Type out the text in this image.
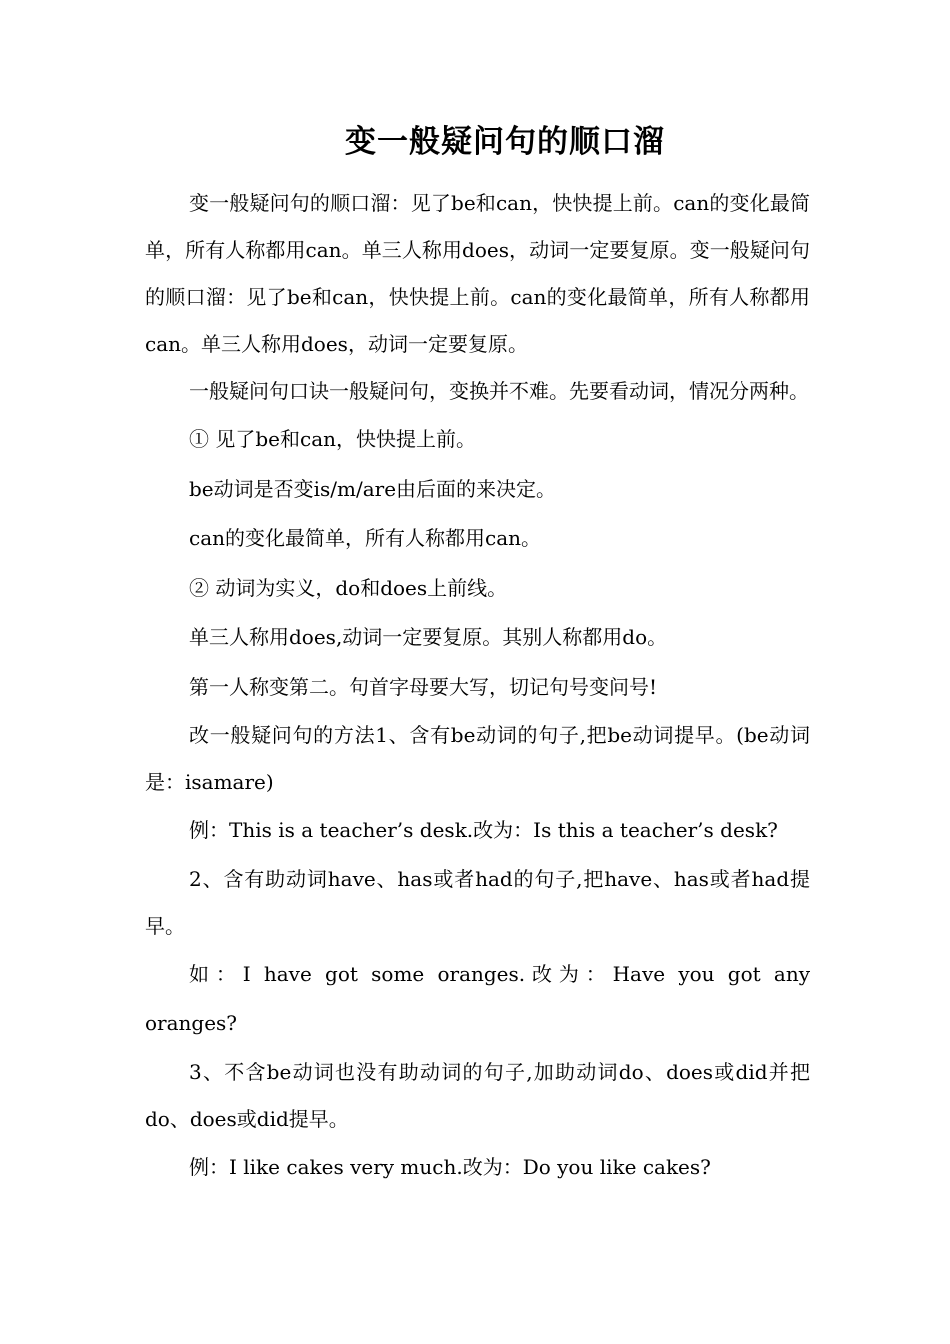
变一般疑问句的顺口溜

变一般疑问句的顺口溜：见了be和can，快快提上前。can的变化最简单，所有人称都用can。单三人称用does，动词一定要复原。变一般疑问句的顺口溜：见了be和can，快快提上前。can的变化最简单，所有人称都用can。单三人称用does，动词一定要复原。

一般疑问句口诀一般疑问句，变换并不难。先要看动词，情况分两种。

① 见了be和can，快快提上前。

be动词是否变is/m/are由后面的来决定。

can的变化最简单，所有人称都用can。

② 动词为实义，do和does上前线。

单三人称用does,动词一定要复原。其别人称都用do。

第一人称变第二。句首字母要大写，切记句号变问号!

改一般疑问句的方法1、含有be动词的句子,把be动词提早。(be动词是：isamare)

例：This is a teacher’s desk.改为：Is this a teacher’s desk?

2、含有助动词have、has或者had的句子,把have、has或者had提早。

如：I have got some oranges.改为：Have you got any oranges?

3、不含be动词也没有助动词的句子,加助动词do、does或did并把do、does或did提早。

例：I like cakes very much.改为：Do you like cakes?
